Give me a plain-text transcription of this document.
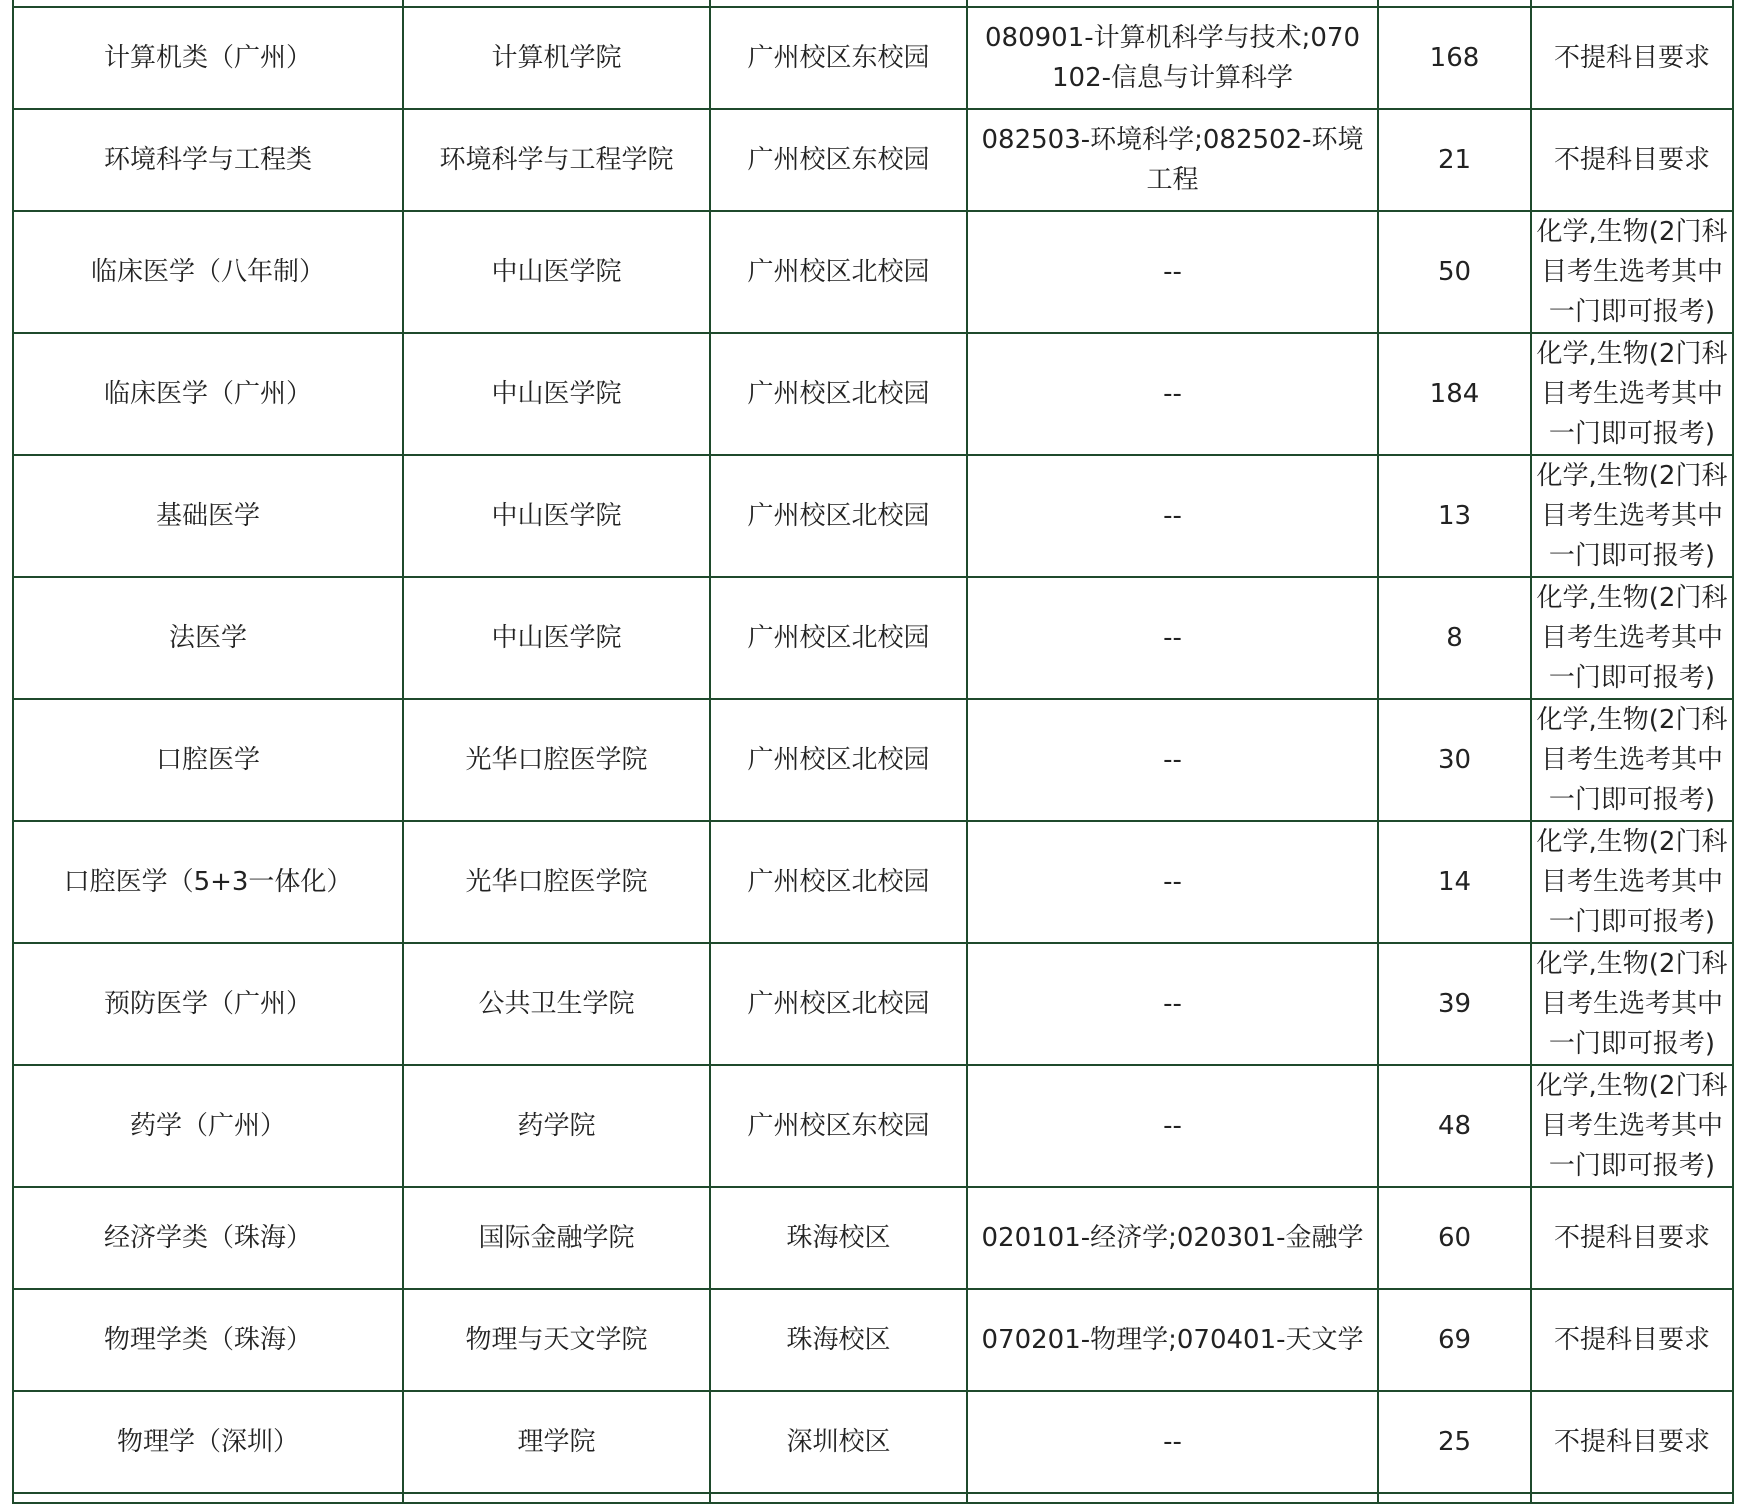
计算机类（广州）	计算机学院	广州校区东校园	080901-计算机科学与技术;070102-信息与计算科学	168	不提科目要求
环境科学与工程类	环境科学与工程学院	广州校区东校园	082503-环境科学;082502-环境工程	21	不提科目要求
临床医学（八年制）	中山医学院	广州校区北校园	--	50	化学,生物(2门科目考生选考其中一门即可报考)
临床医学（广州）	中山医学院	广州校区北校园	--	184	化学,生物(2门科目考生选考其中一门即可报考)
基础医学	中山医学院	广州校区北校园	--	13	化学,生物(2门科目考生选考其中一门即可报考)
法医学	中山医学院	广州校区北校园	--	8	化学,生物(2门科目考生选考其中一门即可报考)
口腔医学	光华口腔医学院	广州校区北校园	--	30	化学,生物(2门科目考生选考其中一门即可报考)
口腔医学（5+3一体化）	光华口腔医学院	广州校区北校园	--	14	化学,生物(2门科目考生选考其中一门即可报考)
预防医学（广州）	公共卫生学院	广州校区北校园	--	39	化学,生物(2门科目考生选考其中一门即可报考)
药学（广州）	药学院	广州校区东校园	--	48	化学,生物(2门科目考生选考其中一门即可报考)
经济学类（珠海）	国际金融学院	珠海校区	020101-经济学;020301-金融学	60	不提科目要求
物理学类（珠海）	物理与天文学院	珠海校区	070201-物理学;070401-天文学	69	不提科目要求
物理学（深圳）	理学院	深圳校区	--	25	不提科目要求
